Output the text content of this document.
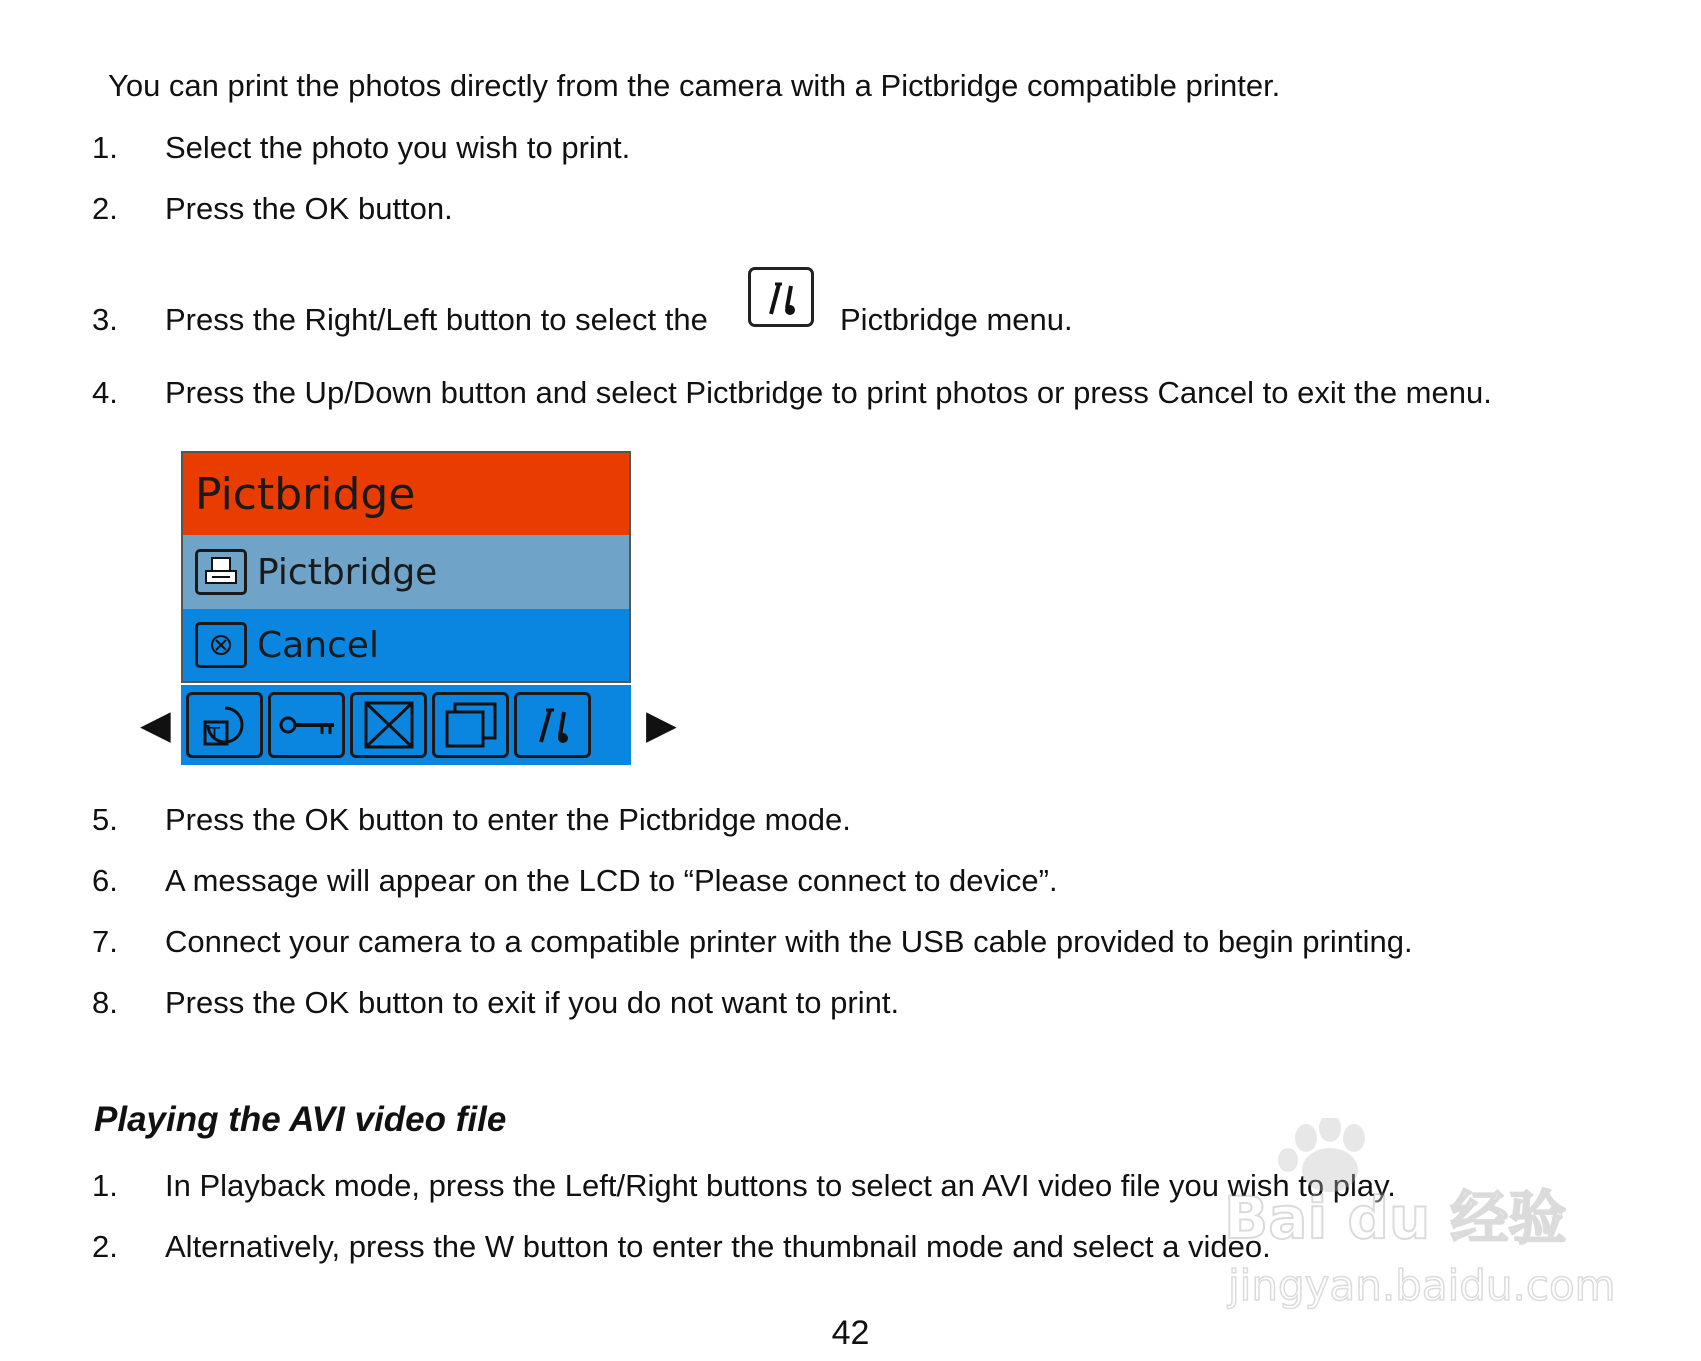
You can print the photos directly from the camera with a Pictbridge compatible printer.
1. Select the photo you wish to print.
2. Press the OK button.
3. Press the Right/Left button to select the	Pictbridge menu.
4. Press the Up/Down button and select Pictbridge to print photos or press Cancel to exit the menu.
◀	▶
Pictbridge
Pictbridge
Cancel
T
5. Press the OK button to enter the Pictbridge mode.
6. A message will appear on the LCD to “Please connect to device”.
7. Connect your camera to a compatible printer with the USB cable provided to begin printing.
8. Press the OK button to exit if you do not want to print.
Playing the AVI video file
1. In Playback mode, press the Left/Right buttons to select an AVI video file you wish to play.
2. Alternatively, press the W button to enter the thumbnail mode and select a video.
42
Bai du 经验
jingyan.baidu.com
